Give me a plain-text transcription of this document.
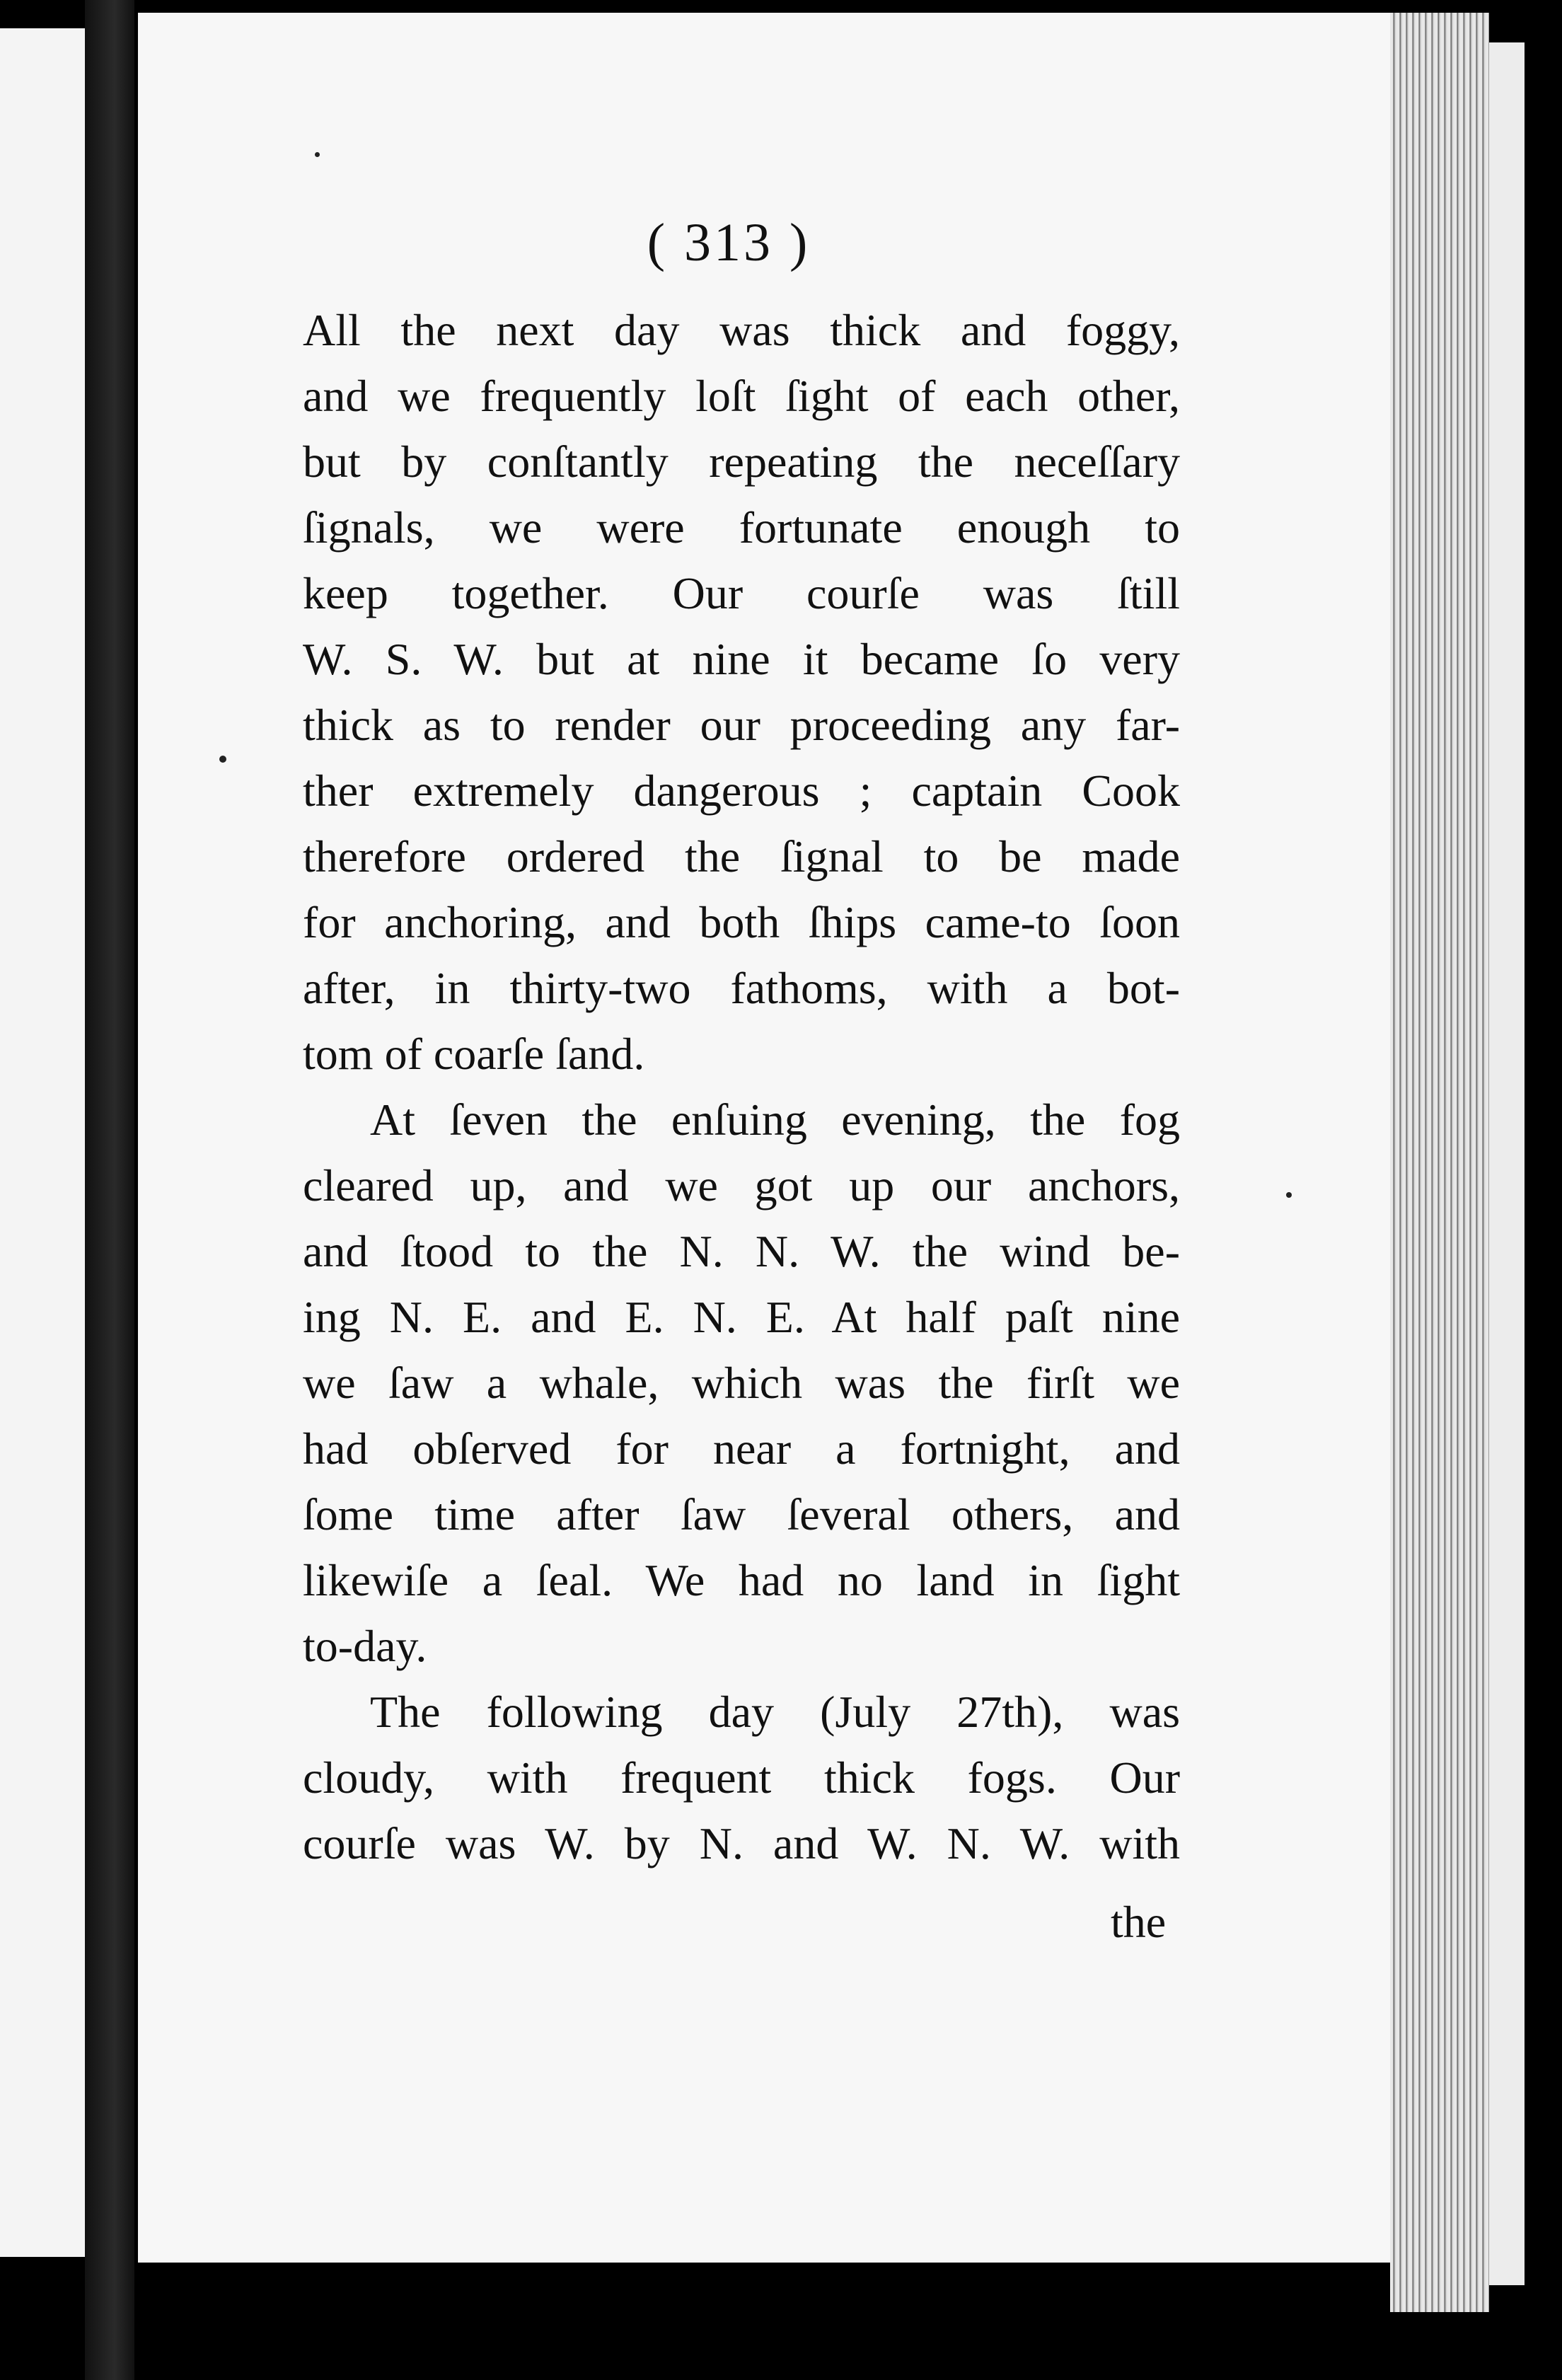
( 313 )
All the next day was thick and foggy,
and we frequently loſt ſight of each other,
but by conſtantly repeating the neceſſary
ſignals, we were fortunate enough to
keep together. Our courſe was ſtill
W. S. W. but at nine it became ſo very
thick as to render our proceeding any far-
ther extremely dangerous ; captain Cook
therefore ordered the ſignal to be made
for anchoring, and both ſhips came-to ſoon
after, in thirty-two fathoms, with a bot-
tom of coarſe ſand.
At ſeven the enſuing evening, the fog
cleared up, and we got up our anchors,
and ſtood to the N. N. W. the wind be-
ing N. E. and E. N. E. At half paſt nine
we ſaw a whale, which was the firſt we
had obſerved for near a fortnight, and
ſome time after ſaw ſeveral others, and
likewiſe a ſeal. We had no land in ſight
to-day.
The following day (July 27th), was
cloudy, with frequent thick fogs. Our
courſe was W. by N. and W. N. W. with
the
